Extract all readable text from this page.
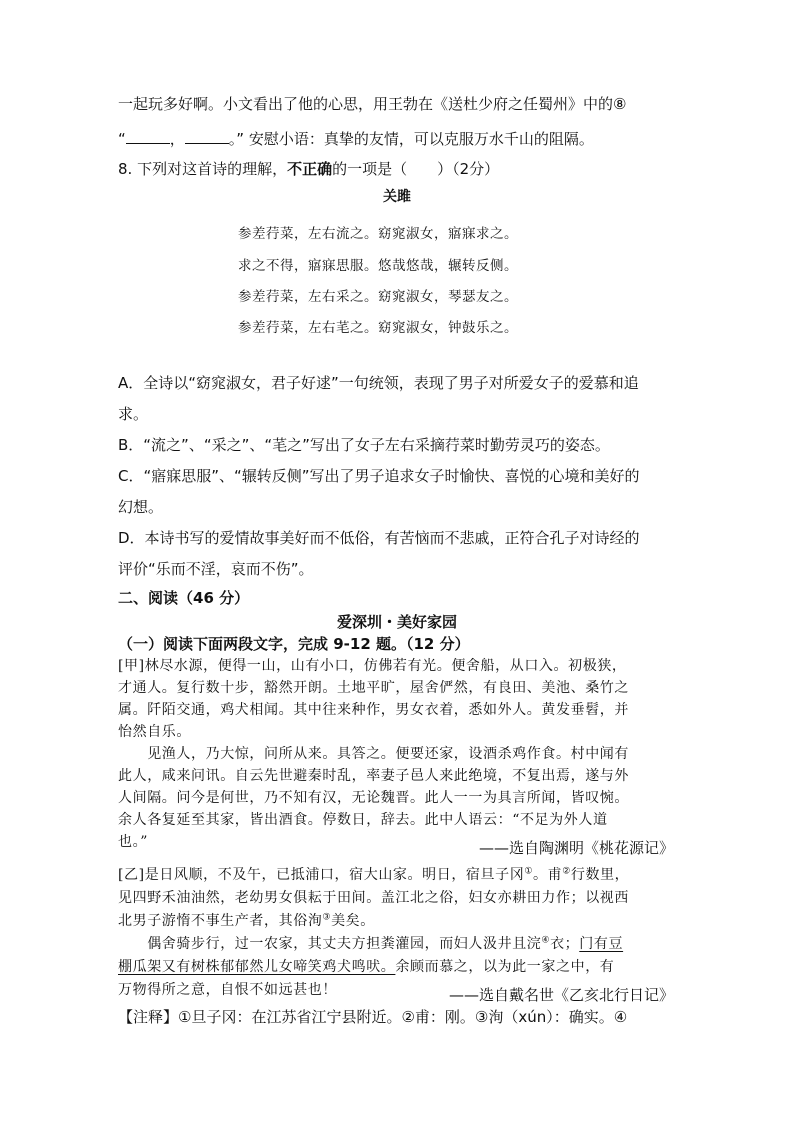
一起玩多好啊。小文看出了他的心思，用王勃在《送杜少府之任蜀州》中的⑧
“	，	。” 安慰小语：真挚的友情，可以克服万水千山的阻隔。
8. 下列对这首诗的理解，不正确的一项是（　　）（2分）
关雎
参差荇菜，左右流之。窈窕淑女，寤寐求之。
求之不得，寤寐思服。悠哉悠哉，辗转反侧。
参差荇菜，左右采之。窈窕淑女，琴瑟友之。
参差荇菜，左右芼之。窈窕淑女，钟鼓乐之。
A．全诗以“窈窕淑女，君子好逑”一句统领，表现了男子对所爱女子的爱慕和追
求。
B．“流之”、“采之”、“芼之”写出了女子左右采摘荇菜时勤劳灵巧的姿态。
C．“寤寐思服”、“辗转反侧”写出了男子追求女子时愉快、喜悦的心境和美好的
幻想。
D．本诗书写的爱情故事美好而不低俗，有苦恼而不悲戚，正符合孔子对诗经的
评价“乐而不淫，哀而不伤”。
二、阅读（46 分）
爱深圳・美好家园
（一）阅读下面两段文字，完成 9-12 题。（12 分）
[甲]林尽水源，便得一山，山有小口，仿佛若有光。便舍船，从口入。初极狭，
才通人。复行数十步，豁然开朗。土地平旷，屋舍俨然，有良田、美池、桑竹之
属。阡陌交通，鸡犬相闻。其中往来种作，男女衣着，悉如外人。黄发垂髫，并
怡然自乐。
　　见渔人，乃大惊，问所从来。具答之。便要还家，设酒杀鸡作食。村中闻有
此人，咸来问讯。自云先世避秦时乱，率妻子邑人来此绝境，不复出焉，遂与外
人间隔。问今是何世，乃不知有汉，无论魏晋。此人一一为具言所闻，皆叹惋。
余人各复延至其家，皆出酒食。停数日，辞去。此中人语云：“不足为外人道
也。”	——选自陶渊明《桃花源记》
[乙]是日风顺，不及午，已抵浦口，宿大山家。明日，宿旦子冈①。甫②行数里，
见四野禾油油然，老幼男女俱耘于田间。盖江北之俗，妇女亦耕田力作；以视西
北男子游惰不事生产者，其俗洵③美矣。
　　偶舍骑步行，过一农家，其丈夫方担粪灌园，而妇人汲井且浣④衣；门有豆
棚瓜架又有树株郁郁然儿女啼笑鸡犬鸣吠。余顾而慕之，以为此一家之中，有
万物得所之意，自恨不如远甚也！	——选自戴名世《乙亥北行日记》
【注释】①旦子冈：在江苏省江宁县附近。②甫：刚。③洵（xún）：确实。④
